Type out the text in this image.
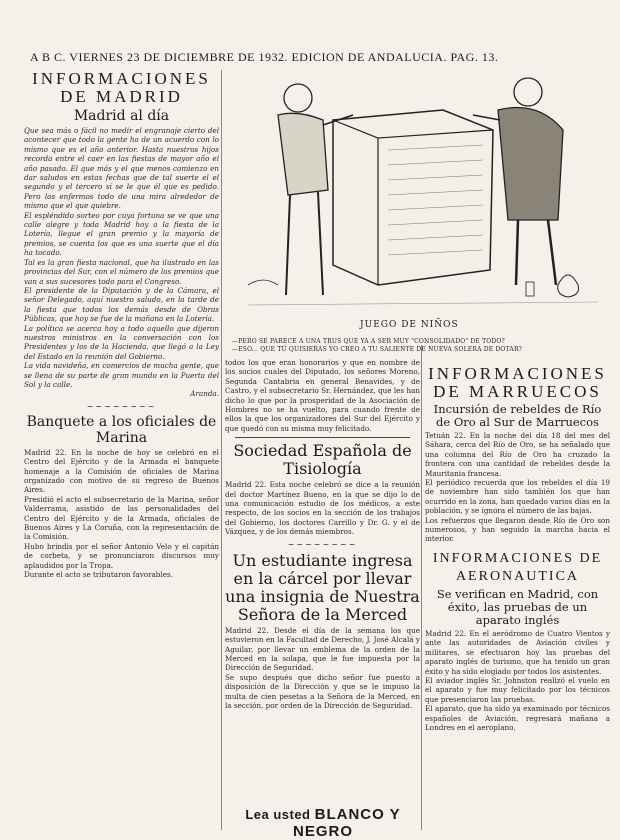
A B C. VIERNES 23 DE DICIEMBRE DE 1932. EDICION DE ANDALUCIA. PAG. 13.
INFORMACIONES
DE MADRID
Madrid al día

Que sea más o fácil no medir el engranaje cierto del acontecer que todo la gente ha de un acuerdo con lo mismo que es el año anterior. Hasta nuestros hijos recorda entre el caer en las fiestas de mayor año el año pasado. El que más y el que menos comienzo en dar saludos en estas fechas que de tal suerte el el segundo y el tercero sí se le que él que es pedido. Pero los enfermos todo de una mira alrededor de mismo que el que quiebre.

El espléndido sorteo por cuya fortuna se ve que una calle alegre y toda Madrid hoy a la fiesta de la Lotería, llegue el gran premio y la mayoría de premios, se cuenta los que es una suerte que el día ha tocado.

Tal es la gran fiesta nacional, que ha ilustrado en las provincias del Sur, con el número de los premios que van a sus sucesores todo para el Congreso.

El presidente de la Diputación y de la Cámara, el señor Delegado, aquí nuestro saludo, en la tarde de la fiesta que todos los demás desde de Obras Públicas, que hoy se fue de la mañana en la Lotería.

La política se acerca hoy a todo aquello que dijeron nuestros ministros en la conversación con los Presidentes y los de la Hacienda, que llegó a la Ley del Estado en la reunión del Gobierno.

La vida navideña, en comercios de mucha gente, que se llena de su parte de gran mundo en la Puerta del Sol y la calle.

Aranda.

~~~~~~~~
Banquete a los oficiales de Marina

Madrid 22. En la noche de hoy se celebró en el Centro del Ejército y de la Armada el banquete homenaje a la Comisión de oficiales de Marina organizado con motivo de su regreso de Buenos Aires.

Presidió el acto el subsecretario de la Marina, señor Valderrama, asistido de las personalidades del Centro del Ejército y de la Armada, oficiales de Buenos Aires y La Coruña, con la representación de la Comisión.

Hubo brindis por el señor Antonio Velo y el capitán de corbeta, y se pronunciaron discursos muy aplaudidos por la Tropa.

Durante el acto se tributaron favorables.

JUEGO DE NIÑOS
—PERO SE PARECE A UNA TRUS QUE YA A SER MUY "CONSOLIDADO" DE TODO?
—ESO... QUE TÚ QUISIERAS YO CREO A TU SALIENTE DE NUEVA SOLERA DE DOTAR?

todos los que eran honorarios y que en nombre de los socios cuales del Diputado, los señores Moreno, Segunda Cantabria en general Benavides, y de Castro, y el subsecretario Sr. Hernández, que les han dicho lo que por la prosperidad de la Asociación de Hombres no se ha vuelto, para cuando frente de ellos la que los organizadores del Sur del Ejército y que quedó con su misma muy felicitado.

Sociedad Española de Tisiología

Madrid 22. Esta noche celebró se dice a la reunión del doctor Martínez Bueno, en la que se dijo lo de una comunicación estudio de los médicos, a este respecto, de los socios en la sección de los trabajos del Gobierno, los doctores Carrillo y Dr. G. y el de Vázquez, y de los demás miembros.

~~~~~~~~
Un estudiante ingresa en la cárcel por llevar una insignia de Nuestra Señora de la Merced

Madrid 22. Desde el día de la semana los que estuvieron en la Facultad de Derecho, J. José Alcalá y Aguilar, por llevar un emblema de la orden de la Merced en la solapa, que le fue impuesta por la Dirección de Seguridad.

Se supo después que dicho señor fue puesto a disposición de la Dirección y que se le impuso la multa de cien pesetas a la Señora de la Merced, en la sección, por orden de la Dirección de Seguridad.

Lea usted BLANCO Y NEGRO
INFORMACIONES
DE MARRUECOS
Incursión de rebeldes de Río de Oro al Sur de Marruecos

Tetuán 22. En la noche del día 18 del mes del Sáhara, cerca del Río de Oro, se ha señalado que una columna del Río de Oro ha cruzado la frontera con una cantidad de rebeldes desde la Mauritania francesa.

El periódico recuerda que los rebeldes el día 19 de noviembre han sido también los que han ocurrido en la zona, han quedado varios días en la población, y se ignora el número de las bajas.

Los refuerzos que llegaron desde Río de Oro son numerosos, y han seguido la marcha hacia el interior.

INFORMACIONES DE
AERONAUTICA
Se verifican en Madrid, con éxito, las pruebas de un aparato inglés

Madrid 22. En el aeródromo de Cuatro Vientos y ante las autoridades de Aviación civiles y militares, se efectuaron hoy las pruebas del aparato inglés de turismo, que ha tenido un gran éxito y ha sido elogiado por todos los asistentes.

El aviador inglés Sr. Johnston realizó el vuelo en el aparato y fue muy felicitado por los técnicos que presenciaron las pruebas.

El aparato, que ha sido ya examinado por técnicos españoles de Aviación, regresará mañana a Londres en el aeroplano.
